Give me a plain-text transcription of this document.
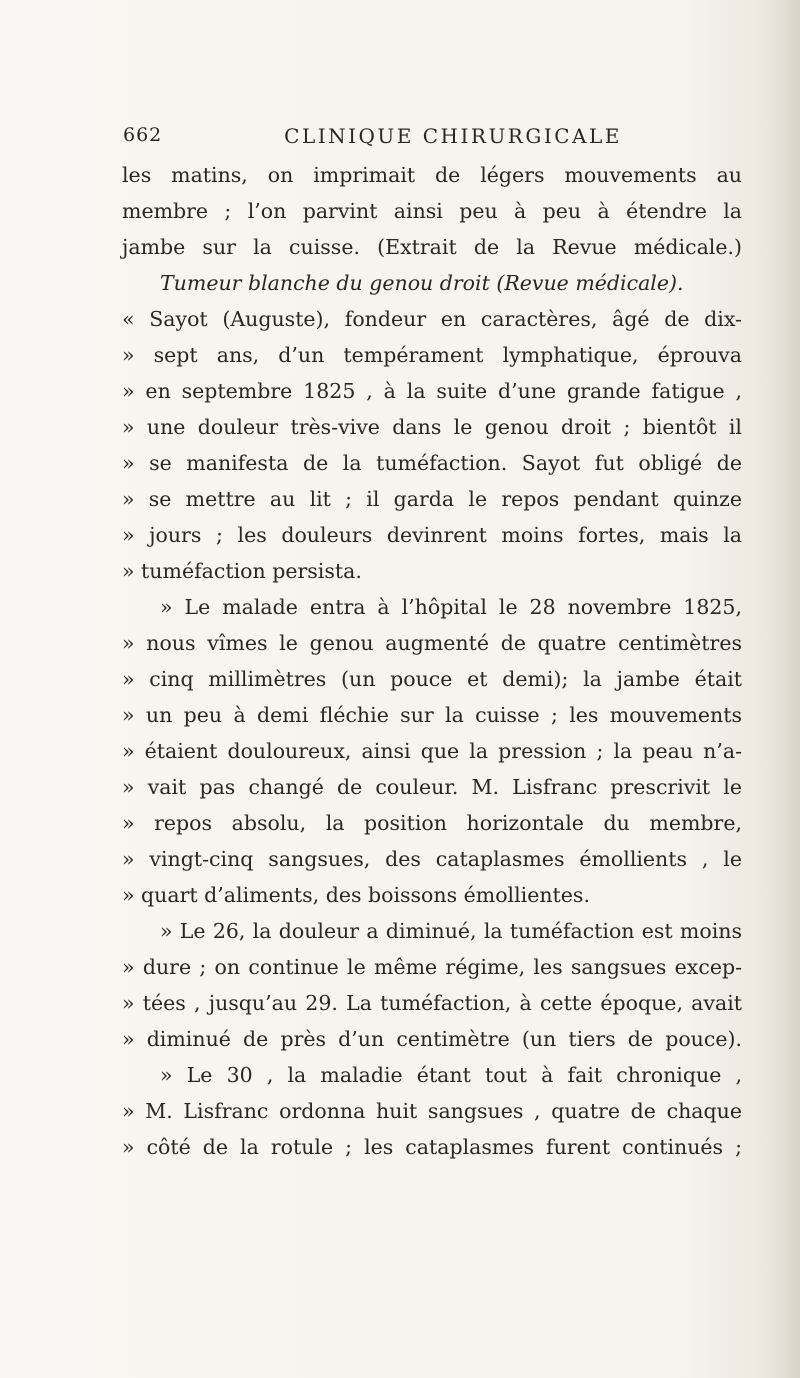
662	CLINIQUE CHIRURGICALE
les matins, on imprimait de légers mouvements au
membre ; l’on parvint ainsi peu à peu à étendre la
jambe sur la cuisse. (Extrait de la Revue médicale.)
Tumeur blanche du genou droit (Revue médicale).
« Sayot (Auguste), fondeur en caractères, âgé de dix-
» sept ans, d’un tempérament lymphatique, éprouva
» en septembre 1825 , à la suite d’une grande fatigue ,
» une douleur très-vive dans le genou droit ; bientôt il
» se manifesta de la tuméfaction. Sayot fut obligé de
» se mettre au lit ; il garda le repos pendant quinze
» jours ; les douleurs devinrent moins fortes, mais la
» tuméfaction persista.
» Le malade entra à l’hôpital le 28 novembre 1825,
» nous vîmes le genou augmenté de quatre centimètres
» cinq millimètres (un pouce et demi); la jambe était
» un peu à demi fléchie sur la cuisse ; les mouvements
» étaient douloureux, ainsi que la pression ; la peau n’a-
» vait pas changé de couleur. M. Lisfranc prescrivit le
» repos absolu, la position horizontale du membre,
» vingt-cinq sangsues, des cataplasmes émollients , le
» quart d’aliments, des boissons émollientes.
» Le 26, la douleur a diminué, la tuméfaction est moins
» dure ; on continue le même régime, les sangsues excep-
» tées , jusqu’au 29. La tuméfaction, à cette époque, avait
» diminué de près d’un centimètre (un tiers de pouce).
» Le 30 , la maladie étant tout à fait chronique ,
» M. Lisfranc ordonna huit sangsues , quatre de chaque
» côté de la rotule ; les cataplasmes furent continués ;
